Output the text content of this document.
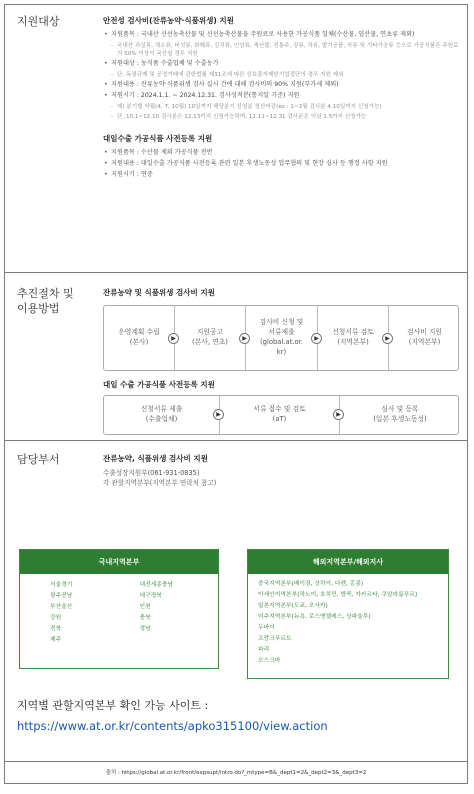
지원대상	안전성 검사비(잔류농약·식품위생) 지원
• 지원품목 : 국내산 신선농축산물 및 신선농축산물을 주원료로 사용한 가공식품 일체(수산물, 임산물, 연초류 제외)
- 국내산 과실류, 채소류, 버섯류, 화훼류, 김치류, 인삼류, 축산물, 전통주, 장류, 차류, 발가공품, 곡류 및 기타가공류 등으로 가공식품은 주원료의 50% 이상이 국산일 경우 지원
• 지원대상 : 농식품 수출업체 및 수출농가
- 단, 독점규제 및 공정거래에 관한법률 제31조에 따른 상호출자제한기업집단의 경우 지원 제외
• 지원내용 : 잔류농약·식품위생 검사 실시 건에 대해 검사비의 90% 지원(부가세 제외)
• 지원시기 : 2024.1.1. ~ 2024.12.31. 검사성적분(통지일 기준) 지원
- 예) 분기별 익월(4, 7, 10월) 10일까지 해당분기 신청분 청산마감(ex : 1~3월 검사분 4.10일까지 신청가능)
- 단, 10.1~12.10 검사분은 12.13까지 신청가능하며, 12.11~12.31 검사분은 익년 1.5까지 신청가능
대일수출 가공식품 사전등록 지원
• 지원품목 : 수산물 제외 가공식품 전반
• 지원내용 : 대일수출 가공식품 사전등록 관련 일본 후생노동성 업무협의 및 현장 심사 등 행정 사항 지원
• 지원시기 : 연중
추진절차 및 이용방법
잔류농약 및 식품위생 검사비 지원
운영계획 수립
(본사)
지원공고
(본사, 연초)
검사비 신청 및
서류제출
(global.at.or.
kr)
신청서류 검토
(지역본부)
검사비 지원
(지역본부)
▶	▶	▶	▶
대일 수출 가공식품 사전등록 지원
신청서류 제출
(수출업체)
서류 접수 및 검토
(aT)
심사 및 등록
(일본 후생노동성)
▶	▶
담당부서	잔류농약, 식품위생 검사비 지원
수출성장지원부(061-931-0835)
각 관할지역본부(지역본부 연락처 참고)
국내지역본부
서울경기
광주전남
부산울산
강원
전북
제주
대전세종충남
대구경북
인천
충북
경남
해외지역본부/해외지사
중국지역본부(베이징, 상하이, 다롄, 홍콩)
아세안지역본부(하노이, 호치민, 방콕, 자카르타, 쿠알라룸푸르)
일본지역본부(도쿄, 오사카)
미주지역본부(뉴욕, 로스앤젤레스, 상파울루)
두바이
프랑크푸르트
파리
모스크바
지역별 관할지역본부 확인 가능 사이트 :
https://www.at.or.kr/contents/apko315100/view.action
출처 : https://global.at.or.kr/front/expsupt/intro.do?_mtype=B&_dept1=2&_dept2=3&_dept3=2
